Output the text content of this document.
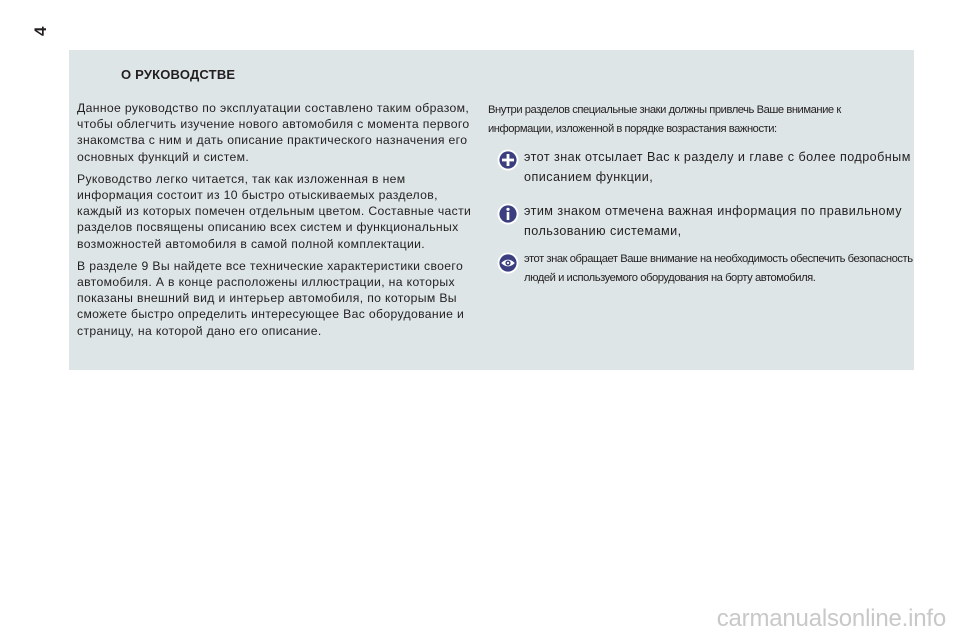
4
О РУКОВОДСТВЕ

Данное руководство по эксплуатации составлено таким образом, чтобы облегчить изучение нового автомобиля с момента первого знакомства с ним и дать описание практического назначения его основных функций и систем.

Руководство легко читается, так как изложенная в нем информация состоит из 10 быстро отыскиваемых разделов, каждый из которых помечен отдельным цветом. Составные части разделов посвящены описанию всех систем и функциональных возможностей автомобиля в самой полной комплектации.

В разделе 9 Вы найдете все технические характеристики своего автомобиля. А в конце расположены иллюстрации, на которых показаны внешний вид и интерьер автомобиля, по которым Вы сможете быстро определить интересующее Вас оборудование и страницу, на которой дано его описание.

Внутри разделов специальные знаки должны привлечь Ваше внимание к информации, изложенной в порядке возрастания важности:
этот знак отсылает Вас к разделу и главе с более подробным описанием функции,
этим знаком отмечена важная информация по правильному пользованию системами,
этот знак обращает Ваше внимание на необходимость обеспечить безопасность людей и используемого оборудования на борту автомобиля.
carmanualsonline.info
